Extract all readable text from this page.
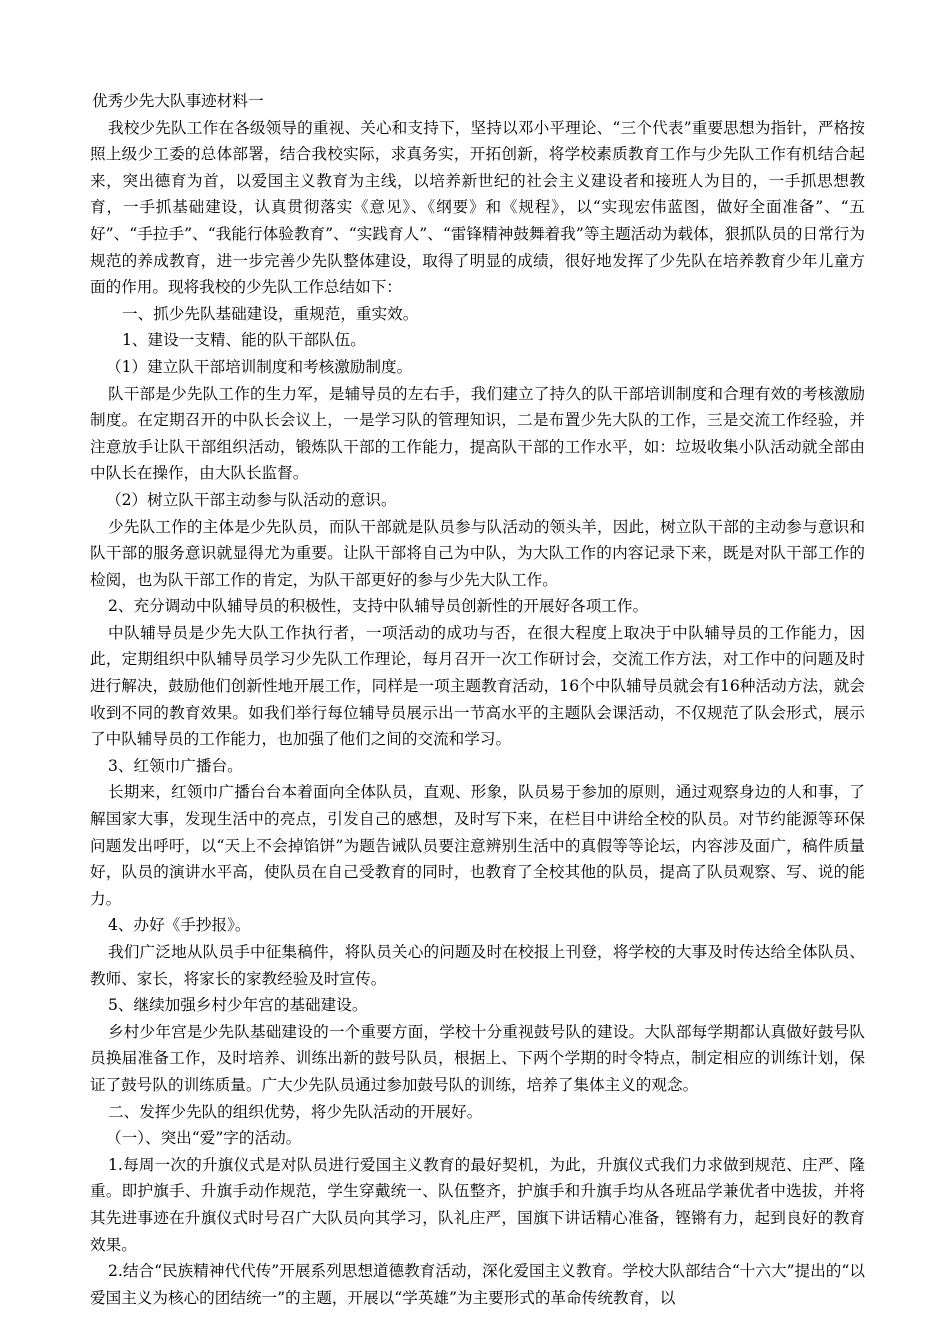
优秀少先大队事迹材料一

我校少先队工作在各级领导的重视、关心和支持下，坚持以邓小平理论、“三个代表”重要思想为指针，严格按照上级少工委的总体部署，结合我校实际，求真务实，开拓创新，将学校素质教育工作与少先队工作有机结合起来，突出德育为首，以爱国主义教育为主线，以培养新世纪的社会主义建设者和接班人为目的，一手抓思想教育，一手抓基础建设，认真贯彻落实《意见》、《纲要》和《规程》，以“实现宏伟蓝图，做好全面准备”、“五好”、“手拉手”、“我能行体验教育”、“实践育人”、“雷锋精神鼓舞着我”等主题活动为载体，狠抓队员的日常行为规范的养成教育，进一步完善少先队整体建设，取得了明显的成绩，很好地发挥了少先队在培养教育少年儿童方面的作用。现将我校的少先队工作总结如下：

一、抓少先队基础建设，重规范，重实效。

1、建设一支精、能的队干部队伍。

（1）建立队干部培训制度和考核激励制度。

队干部是少先队工作的生力军，是辅导员的左右手，我们建立了持久的队干部培训制度和合理有效的考核激励制度。在定期召开的中队长会议上，一是学习队的管理知识，二是布置少先大队的工作，三是交流工作经验，并注意放手让队干部组织活动，锻炼队干部的工作能力，提高队干部的工作水平，如：垃圾收集小队活动就全部由中队长在操作，由大队长监督。

（2）树立队干部主动参与队活动的意识。

少先队工作的主体是少先队员，而队干部就是队员参与队活动的领头羊，因此，树立队干部的主动参与意识和队干部的服务意识就显得尤为重要。让队干部将自己为中队，为大队工作的内容记录下来，既是对队干部工作的检阅，也为队干部工作的肯定，为队干部更好的参与少先大队工作。

2、充分调动中队辅导员的积极性，支持中队辅导员创新性的开展好各项工作。

中队辅导员是少先大队工作执行者，一项活动的成功与否，在很大程度上取决于中队辅导员的工作能力，因此，定期组织中队辅导员学习少先队工作理论，每月召开一次工作研讨会，交流工作方法，对工作中的问题及时进行解决，鼓励他们创新性地开展工作，同样是一项主题教育活动，16个中队辅导员就会有16种活动方法，就会收到不同的教育效果。如我们举行每位辅导员展示出一节高水平的主题队会课活动，不仅规范了队会形式，展示了中队辅导员的工作能力，也加强了他们之间的交流和学习。

3、红领巾广播台。

长期来，红领巾广播台台本着面向全体队员，直观、形象，队员易于参加的原则，通过观察身边的人和事，了解国家大事，发现生活中的亮点，引发自己的感想，及时写下来，在栏目中讲给全校的队员。对节约能源等环保问题发出呼吁，以“天上不会掉馅饼”为题告诫队员要注意辨别生活中的真假等等论坛，内容涉及面广，稿件质量好，队员的演讲水平高，使队员在自己受教育的同时，也教育了全校其他的队员，提高了队员观察、写、说的能力。

4、办好《手抄报》。

我们广泛地从队员手中征集稿件，将队员关心的问题及时在校报上刊登，将学校的大事及时传达给全体队员、教师、家长，将家长的家教经验及时宣传。

5、继续加强乡村少年宫的基础建设。

乡村少年宫是少先队基础建设的一个重要方面，学校十分重视鼓号队的建设。大队部每学期都认真做好鼓号队员换届准备工作，及时培养、训练出新的鼓号队员，根据上、下两个学期的时令特点，制定相应的训练计划，保证了鼓号队的训练质量。广大少先队员通过参加鼓号队的训练，培养了集体主义的观念。

二、发挥少先队的组织优势，将少先队活动的开展好。

（一）、突出“爱”字的活动。

1.每周一次的升旗仪式是对队员进行爱国主义教育的最好契机，为此，升旗仪式我们力求做到规范、庄严、隆重。即护旗手、升旗手动作规范，学生穿戴统一、队伍整齐，护旗手和升旗手均从各班品学兼优者中选拔，并将其先进事迹在升旗仪式时号召广大队员向其学习，队礼庄严，国旗下讲话精心准备，铿锵有力，起到良好的教育效果。

2.结合“民族精神代代传”开展系列思想道德教育活动，深化爱国主义教育。学校大队部结合“十六大”提出的“以爱国主义为核心的团结统一”的主题，开展以“学英雄”为主要形式的革命传统教育，以
